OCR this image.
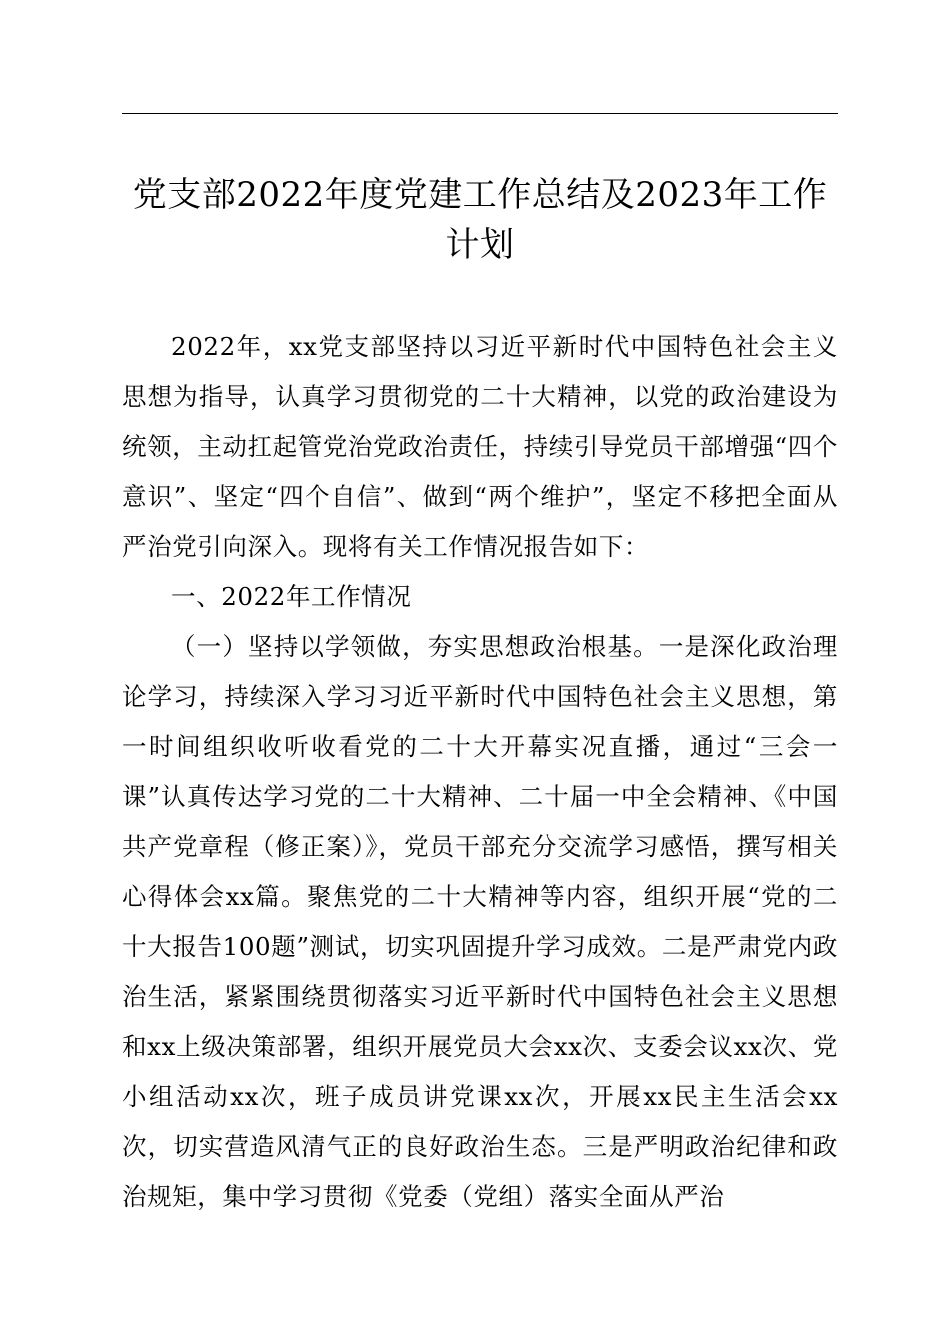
党支部2022年度党建工作总结及2023年工作计划

2022年，xx党支部坚持以习近平新时代中国特色社会主义思想为指导，认真学习贯彻党的二十大精神，以党的政治建设为统领，主动扛起管党治党政治责任，持续引导党员干部增强“四个意识”、坚定“四个自信”、做到“两个维护”，坚定不移把全面从严治党引向深入。现将有关工作情况报告如下：

一、2022年工作情况

（一）坚持以学领做，夯实思想政治根基。一是深化政治理论学习，持续深入学习习近平新时代中国特色社会主义思想，第一时间组织收听收看党的二十大开幕实况直播，通过“三会一课”认真传达学习党的二十大精神、二十届一中全会精神、《中国共产党章程（修正案）》，党员干部充分交流学习感悟，撰写相关心得体会xx篇。聚焦党的二十大精神等内容，组织开展“党的二十大报告100题”测试，切实巩固提升学习成效。二是严肃党内政治生活，紧紧围绕贯彻落实习近平新时代中国特色社会主义思想和xx上级决策部署，组织开展党员大会xx次、支委会议xx次、党小组活动xx次，班子成员讲党课xx次，开展xx民主生活会xx次，切实营造风清气正的良好政治生态。三是严明政治纪律和政治规矩，集中学习贯彻《党委（党组）落实全面从严治
